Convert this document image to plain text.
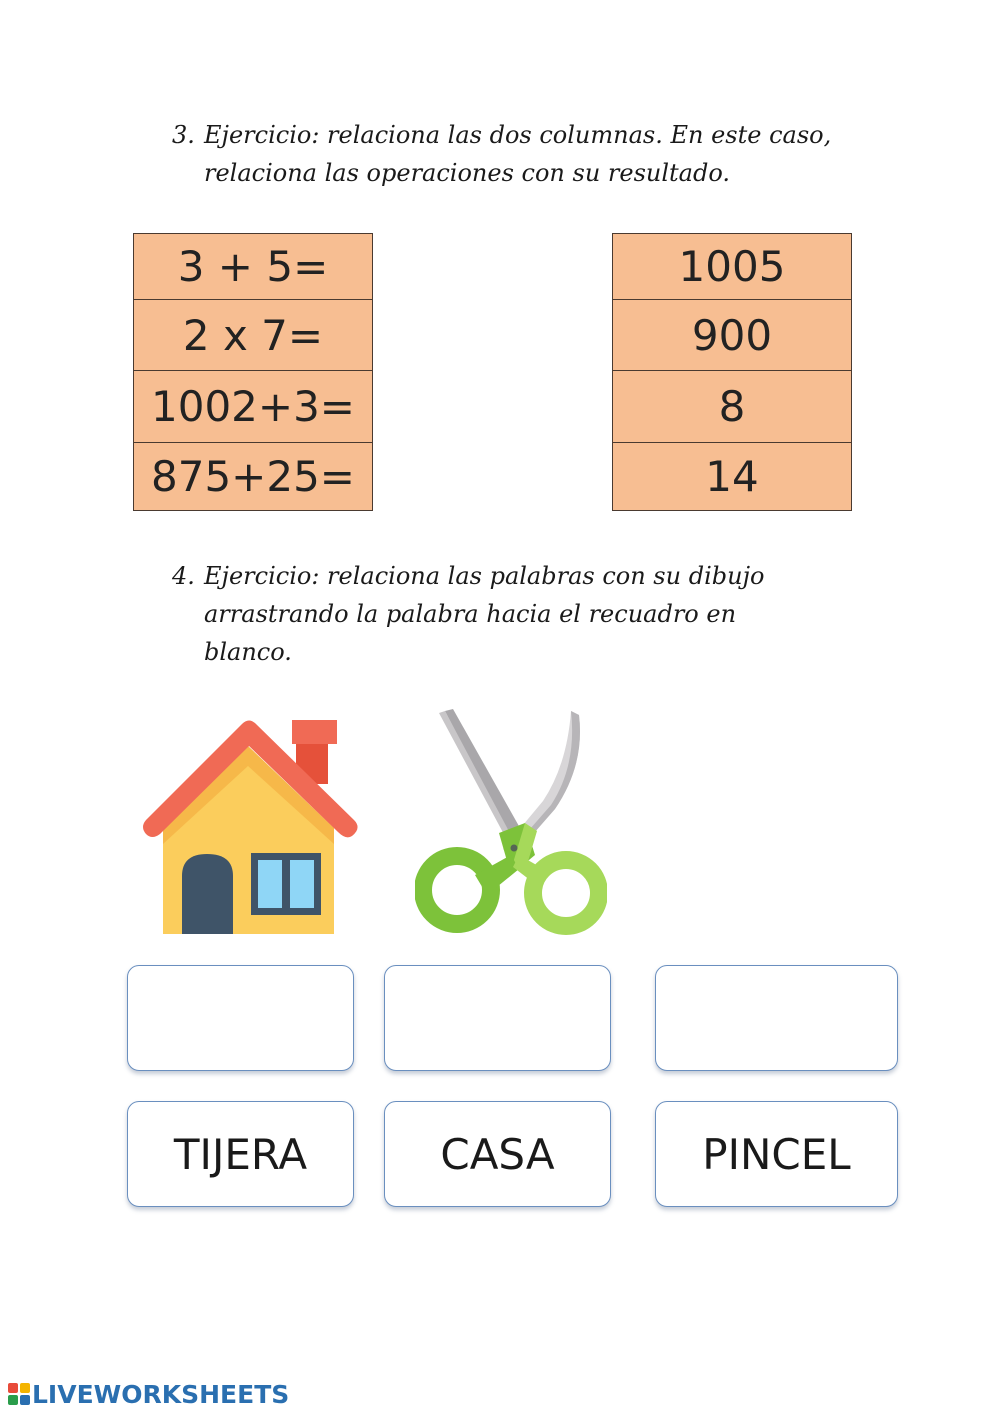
3. Ejercicio: relaciona las dos columnas. En este caso, relaciona las operaciones con su resultado.
3 + 5=
2 x 7=
1002+3=
875+25=
1005
900
8
14
4. Ejercicio: relaciona las palabras con su dibujo arrastrando la palabra hacia el recuadro en blanco.
TIJERA	CASA	PINCEL
LIVEWORKSHEETS
